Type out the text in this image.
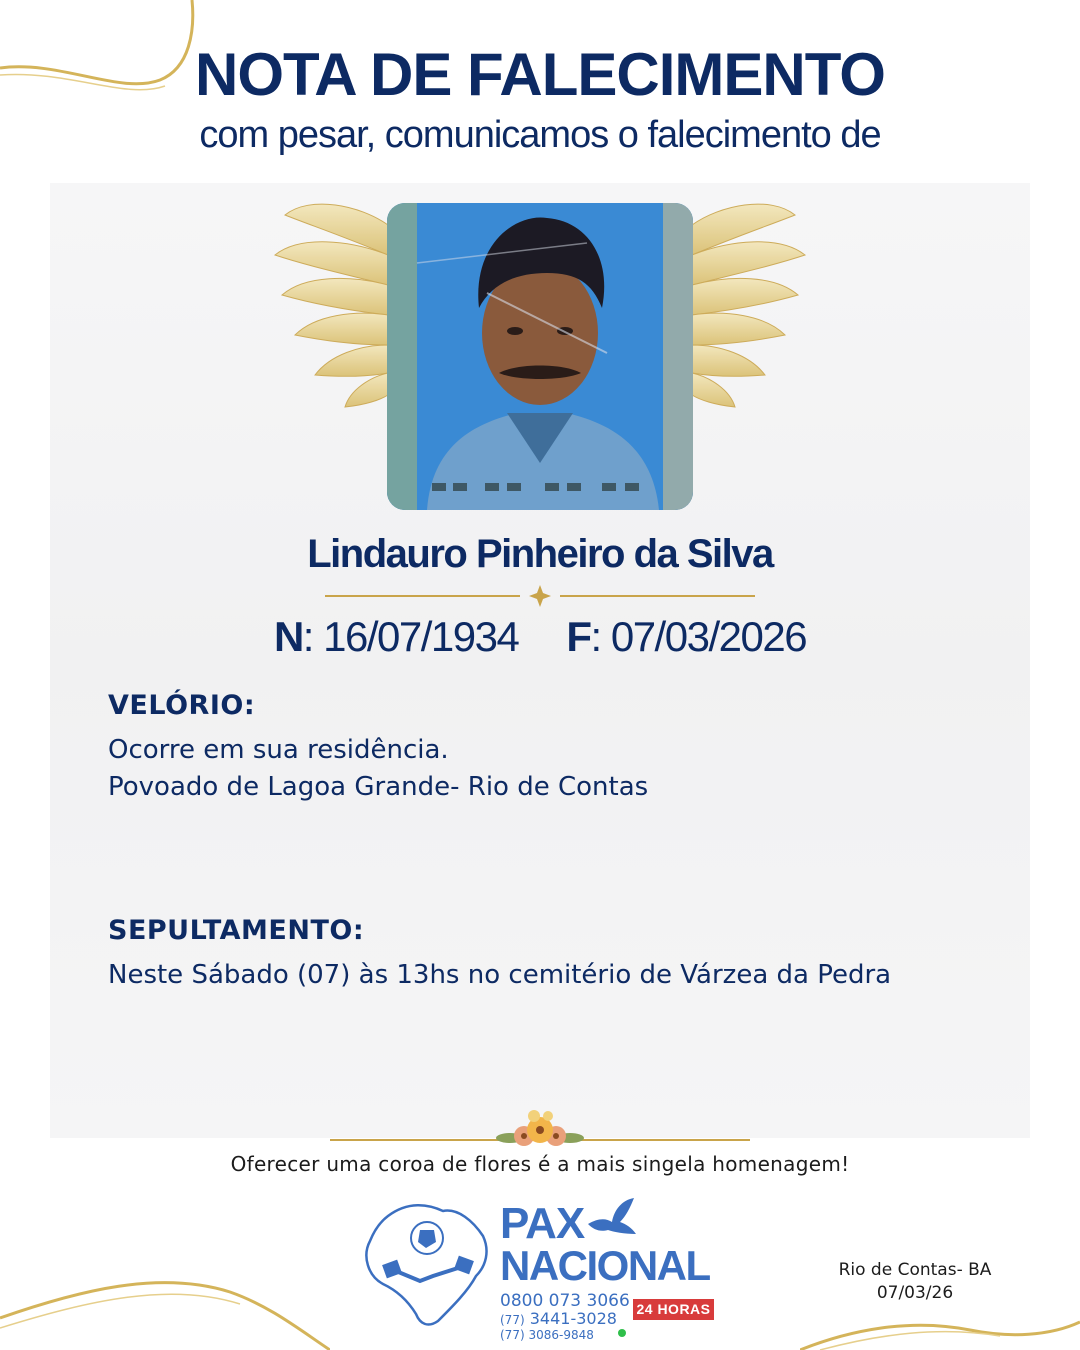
NOTA DE FALECIMENTO
com pesar, comunicamos o falecimento de
Lindauro Pinheiro da Silva
N: 16/07/1934 F: 07/03/2026
VELÓRIO:
Ocorre em sua residência.
Povoado de Lagoa Grande- Rio de Contas
SEPULTAMENTO:
Neste Sábado (07) às 13hs no cemitério de Várzea da Pedra
Oferecer uma coroa de flores é a mais singela homenagem!
PAX
NACIONAL
0800 073 3066
(77) 3441-3028
(77) 3086-9848
24 HORAS
Rio de Contas- BA
07/03/26
